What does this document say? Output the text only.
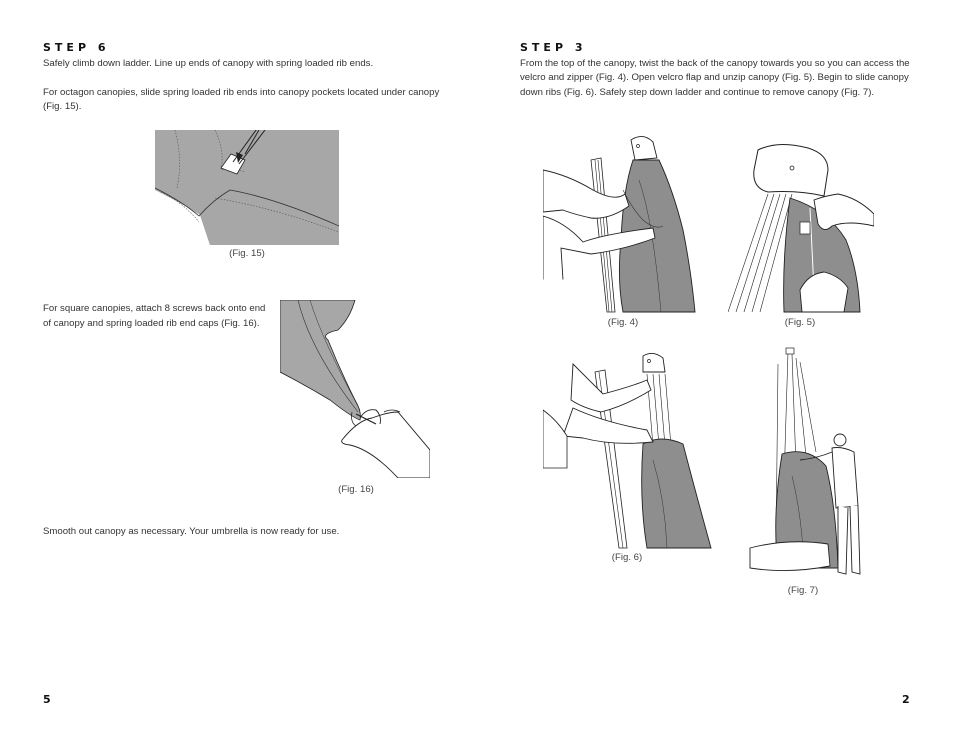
STEP 6
Safely climb down ladder. Line up ends of canopy with spring loaded rib ends.
For octagon canopies, slide spring loaded rib ends into canopy pockets located under canopy
(Fig. 15).
(Fig. 15)
For square canopies, attach 8 screws back onto end
of canopy and spring loaded rib end caps (Fig. 16).
(Fig. 16)
Smooth out canopy as necessary. Your umbrella is now ready for use.
5
STEP 3
From the top of the canopy, twist the back of the canopy towards you so you can access the
velcro and zipper (Fig. 4). Open velcro flap and unzip canopy (Fig. 5). Begin to slide canopy
down ribs (Fig. 6). Safely step down ladder and continue to remove canopy (Fig. 7).
(Fig. 4)	(Fig. 5)
(Fig. 6)
(Fig. 7)
2
